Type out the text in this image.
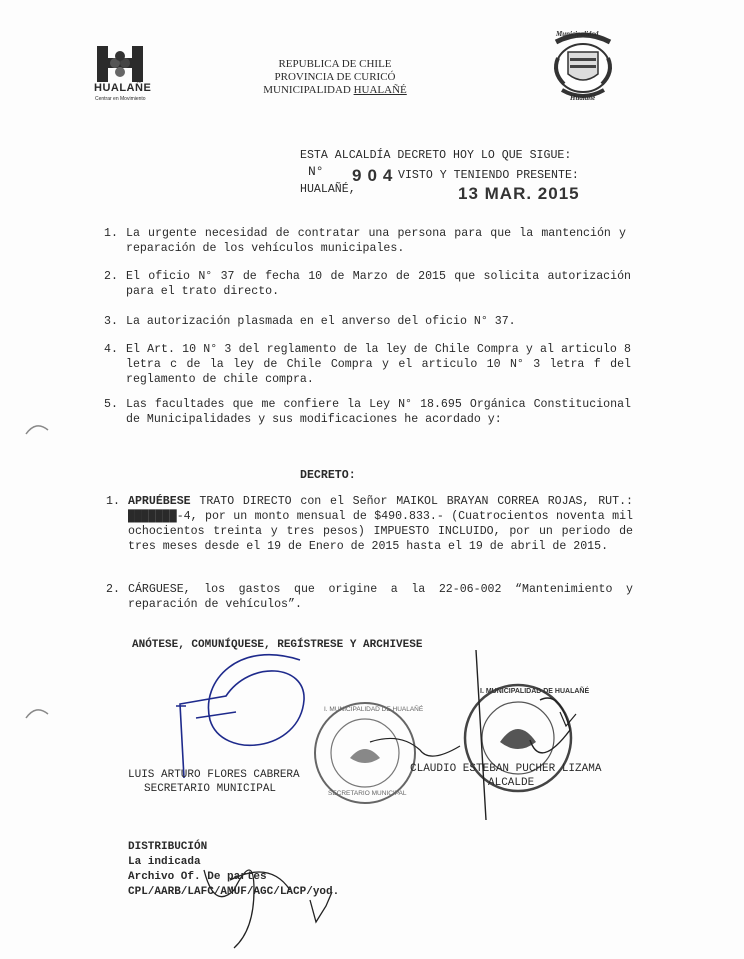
HUALAÑE
Centrar en Movimiento
REPUBLICA DE CHILE
PROVINCIA DE CURICÓ
MUNICIPALIDAD HUALAÑÉ
Municipalidad
Hualañé
ESTA ALCALDÍA DECRETO HOY LO QUE SIGUE:
N° 904 VISTO Y TENIENDO PRESENTE:
HUALAÑÉ,	13 MAR. 2015
1. La urgente necesidad de contratar una persona para que la mantención y reparación de los vehículos municipales.
2. El oficio N° 37 de fecha 10 de Marzo de 2015 que solicita autorización para el trato directo.
3. La autorización plasmada en el anverso del oficio N° 37.
4. El Art. 10 N° 3 del reglamento de la ley de Chile Compra y al articulo 8 letra c de la ley de Chile Compra y el articulo 10 N° 3 letra f del reglamento de chile compra.
5. Las facultades que me confiere la Ley N° 18.695 Orgánica Constitucional de Municipalidades y sus modificaciones he acordado y:
DECRETO:
1. APRUÉBESE TRATO DIRECTO con el Señor MAIKOL BRAYAN CORREA ROJAS, RUT.: ███████-4, por un monto mensual de $490.833.- (Cuatrocientos noventa mil ochocientos treinta y tres pesos) IMPUESTO INCLUIDO, por un periodo de tres meses desde el 19 de Enero de 2015 hasta el 19 de abril de 2015.
2. CÁRGUESE, los gastos que origine a la 22-06-002 “Mantenimiento y reparación de vehículos”.
ANÓTESE, COMUNÍQUESE, REGÍSTRESE Y ARCHIVESE
I. MUNICIPALIDAD DE HUALAÑÉ
SECRETARIO MUNICIPAL
I. MUNICIPALIDAD DE HUALAÑÉ
LUIS ARTURO FLORES CABRERA
SECRETARIO MUNICIPAL
CLAUDIO ESTEBAN PUCHER LIZAMA
ALCALDE
DISTRIBUCIÓN
La indicada
Archivo Of. De partes
CPL/AARB/LAFC/AMUF/AGC/LACP/yod.
